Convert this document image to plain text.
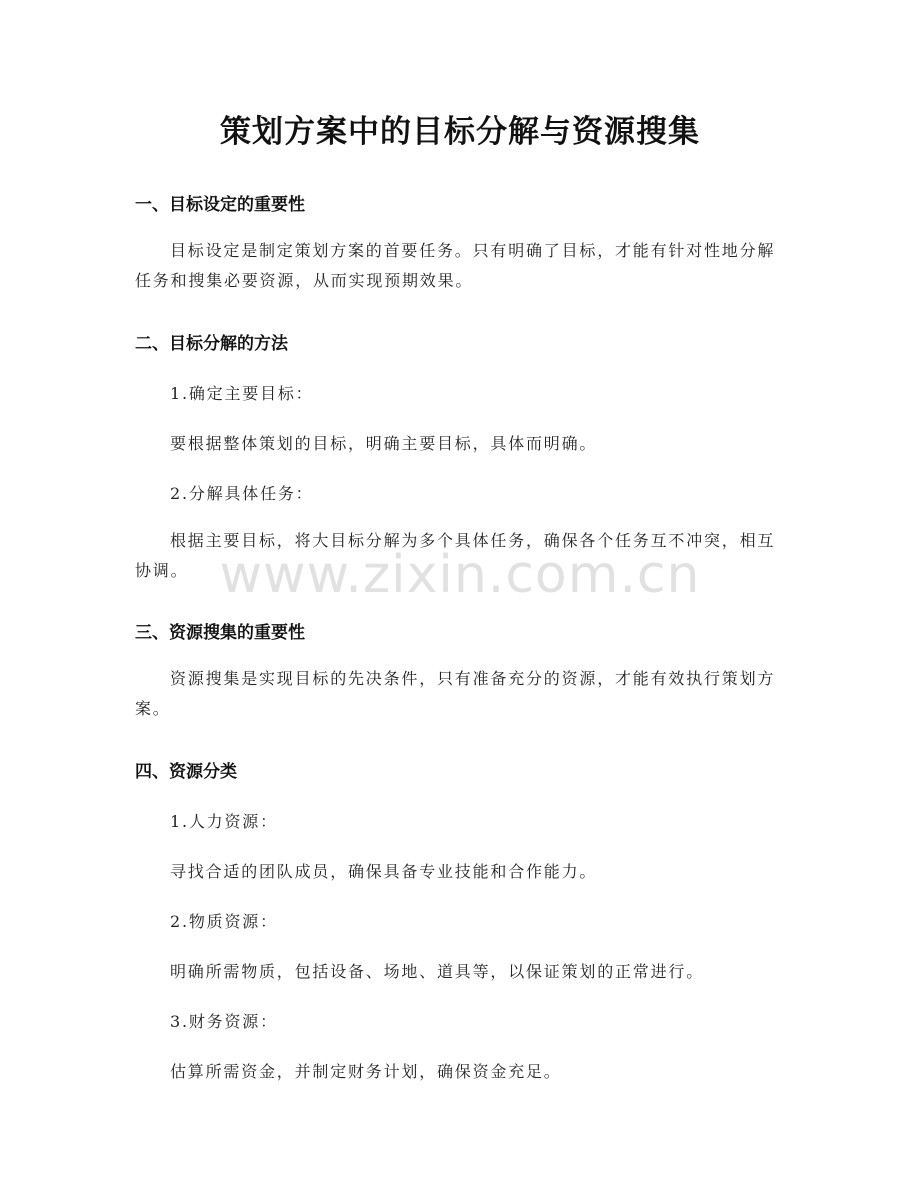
策划方案中的目标分解与资源搜集
一、目标设定的重要性
目标设定是制定策划方案的首要任务。只有明确了目标，才能有针对性地分解任务和搜集必要资源，从而实现预期效果。
二、目标分解的方法
1.确定主要目标：
要根据整体策划的目标，明确主要目标，具体而明确。
2.分解具体任务：
根据主要目标，将大目标分解为多个具体任务，确保各个任务互不冲突，相互协调。
三、资源搜集的重要性
资源搜集是实现目标的先决条件，只有准备充分的资源，才能有效执行策划方案。
四、资源分类
1.人力资源：
寻找合适的团队成员，确保具备专业技能和合作能力。
2.物质资源：
明确所需物质，包括设备、场地、道具等，以保证策划的正常进行。
3.财务资源：
估算所需资金，并制定财务计划，确保资金充足。
www.zixin.com.cn
